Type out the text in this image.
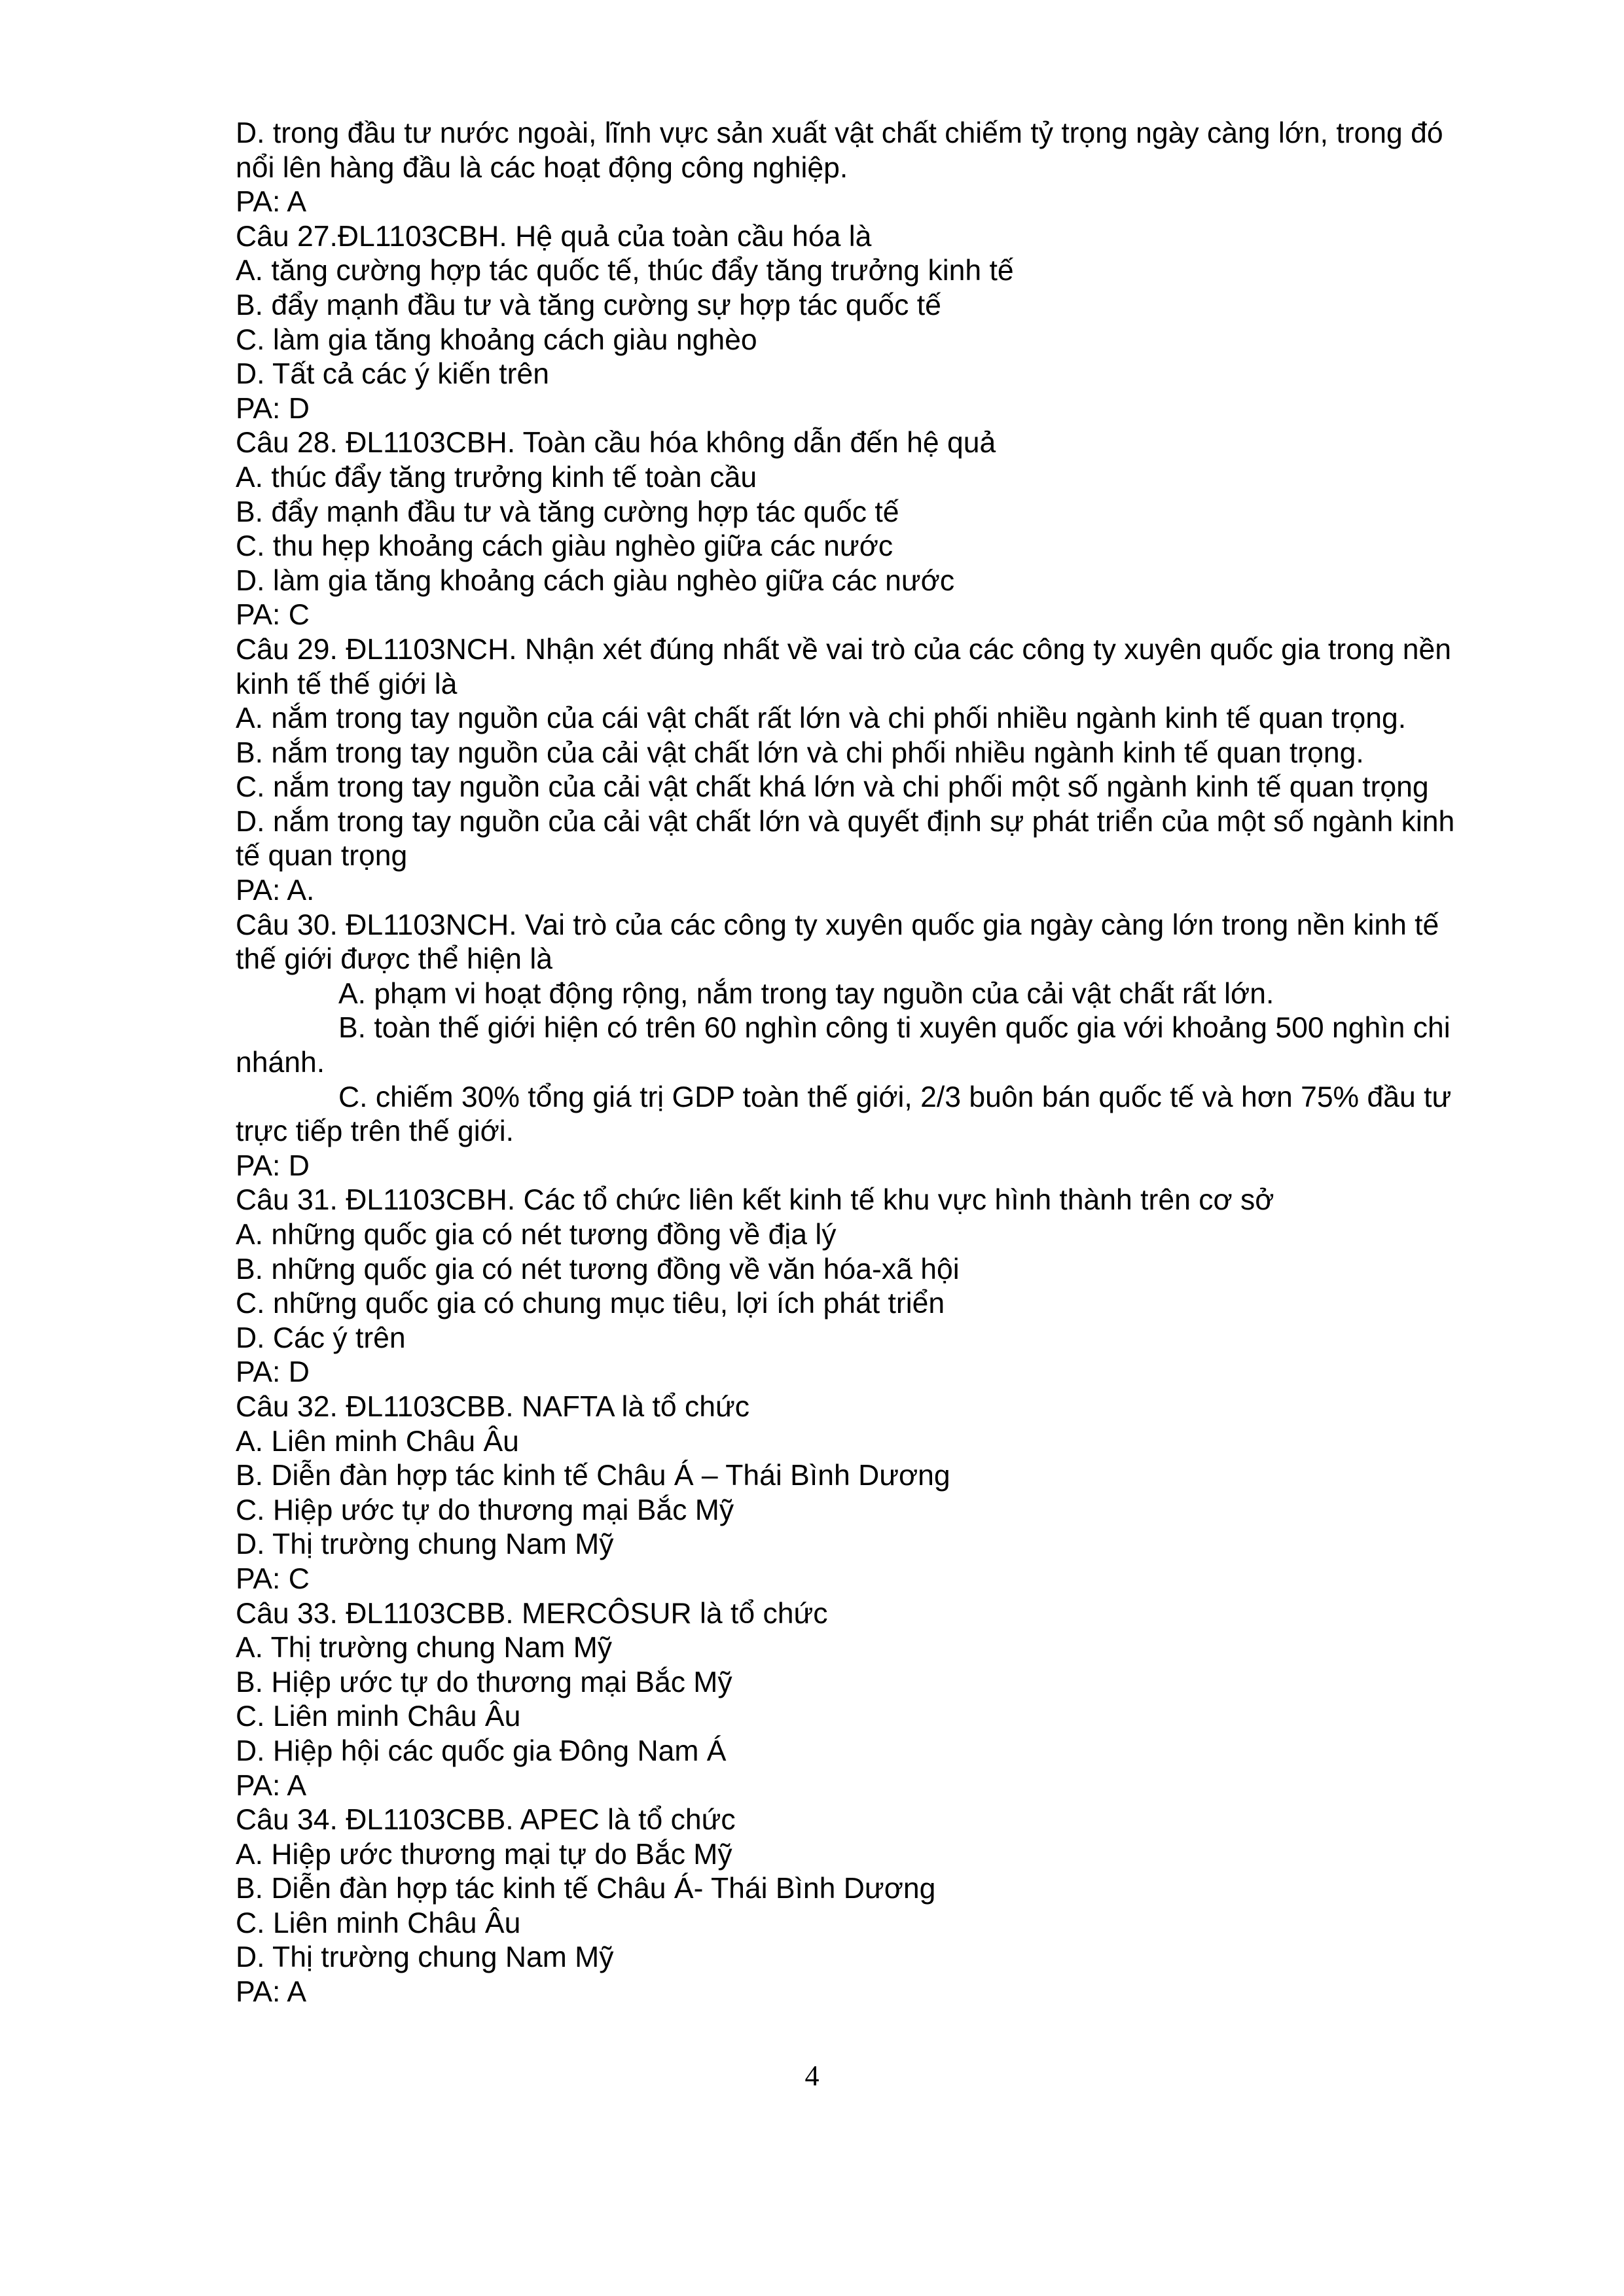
D. trong đầu tư nước ngoài, lĩnh vực sản xuất vật chất chiếm tỷ trọng ngày càng lớn, trong đó
nổi lên hàng đầu là các hoạt động công nghiệp.
PA: A
Câu 27.ĐL1103CBH. Hệ quả của toàn cầu hóa là
A. tăng cường hợp tác quốc tế, thúc đẩy tăng trưởng kinh tế
B. đẩy mạnh đầu tư và tăng cường sự hợp tác quốc tế
C. làm gia tăng khoảng cách giàu nghèo
D. Tất cả các ý kiến trên
PA: D
Câu 28. ĐL1103CBH. Toàn cầu hóa không dẫn đến hệ quả
A. thúc đẩy tăng trưởng kinh tế toàn cầu
B. đẩy mạnh đầu tư và tăng cường hợp tác quốc tế
C. thu hẹp khoảng cách giàu nghèo giữa các nước
D. làm gia tăng khoảng cách giàu nghèo giữa các nước
PA: C
Câu 29. ĐL1103NCH. Nhận xét đúng nhất về vai trò của các công ty xuyên quốc gia trong nền
kinh tế thế giới là
A. nắm trong tay nguồn của cái vật chất rất lớn và chi phối nhiều ngành kinh tế quan trọng.
B. nắm trong tay nguồn của cải vật chất lớn và chi phối nhiều ngành kinh tế quan trọng.
C. nắm trong tay nguồn của cải vật chất khá lớn và chi phối một số ngành kinh tế quan trọng
D. nắm trong tay nguồn của cải vật chất lớn và quyết định sự phát triển của một số ngành kinh
tế quan trọng
PA: A.
Câu 30. ĐL1103NCH. Vai trò của các công ty xuyên quốc gia ngày càng lớn trong nền kinh tế
thế giới được thể hiện là
A. phạm vi hoạt động rộng, nắm trong tay nguồn của cải vật chất rất lớn.
B. toàn thế giới hiện có trên 60 nghìn công ti xuyên quốc gia với khoảng 500 nghìn chi
nhánh.
C. chiếm 30% tổng giá trị GDP toàn thế giới, 2/3 buôn bán quốc tế và hơn 75% đầu tư
trực tiếp trên thế giới.
PA: D
Câu 31. ĐL1103CBH. Các tổ chức liên kết kinh tế khu vực hình thành trên cơ sở
A. những quốc gia có nét tương đồng về địa lý
B. những quốc gia có nét tương đồng về văn hóa-xã hội
C. những quốc gia có chung mục tiêu, lợi ích phát triển
D. Các ý trên
PA: D
Câu 32. ĐL1103CBB. NAFTA là tổ chức
A. Liên minh Châu Âu
B. Diễn đàn hợp tác kinh tế Châu Á – Thái Bình Dương
C. Hiệp ước tự do thương mại Bắc Mỹ
D. Thị trường chung Nam Mỹ
PA: C
Câu 33. ĐL1103CBB. MERCÔSUR là tổ chức
A. Thị trường chung Nam Mỹ
B. Hiệp ước tự do thương mại Bắc Mỹ
C. Liên minh Châu Âu
D. Hiệp hội các quốc gia Đông Nam Á
PA: A
Câu 34. ĐL1103CBB. APEC là tổ chức
A. Hiệp ước thương mại tự do Bắc Mỹ
B. Diễn đàn hợp tác kinh tế Châu Á- Thái Bình Dương
C. Liên minh Châu Âu
D. Thị trường chung Nam Mỹ
PA: A
4
